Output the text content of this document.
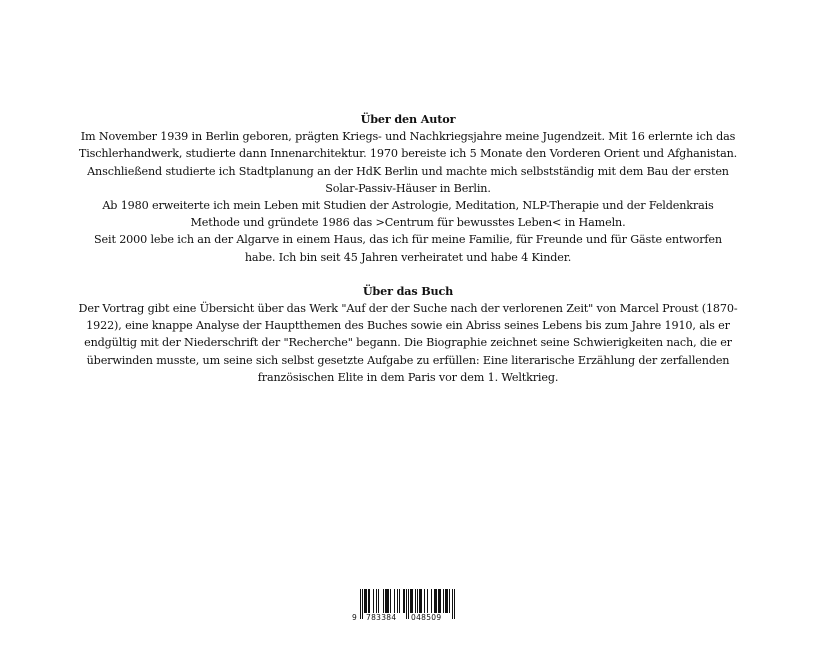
Über den Autor

Im November 1939 in Berlin geboren, prägten Kriegs- und Nachkriegsjahre meine Jugendzeit. Mit 16 erlernte ich das Tischlerhandwerk, studierte dann Innenarchitektur. 1970 bereiste ich 5 Monate den Vorderen Orient und Afghanistan. Anschließend studierte ich Stadtplanung an der HdK Berlin und machte mich selbstständig mit dem Bau der ersten Solar-Passiv-Häuser in Berlin.

Ab 1980 erweiterte ich mein Leben mit Studien der Astrologie, Meditation, NLP-Therapie und der Feldenkrais Methode und gründete 1986 das >Centrum für bewusstes Leben< in Hameln.

Seit 2000 lebe ich an der Algarve in einem Haus, das ich für meine Familie, für Freunde und für Gäste entworfen habe. Ich bin seit 45 Jahren verheiratet und habe 4 Kinder.

Über das Buch

Der Vortrag gibt eine Übersicht über das Werk "Auf der der Suche nach der verlorenen Zeit" von Marcel Proust (1870-1922), eine knappe Analyse der Hauptthemen des Buches sowie ein Abriss seines Lebens bis zum Jahre 1910, als er endgültig mit der Niederschrift der "Recherche" begann. Die Biographie zeichnet seine Schwierigkeiten nach, die er überwinden musste, um seine sich selbst gesetzte Aufgabe zu erfüllen: Eine literarische Erzählung der zerfallenden französischen Elite in dem Paris vor dem 1. Weltkrieg.

9 783384 048509
